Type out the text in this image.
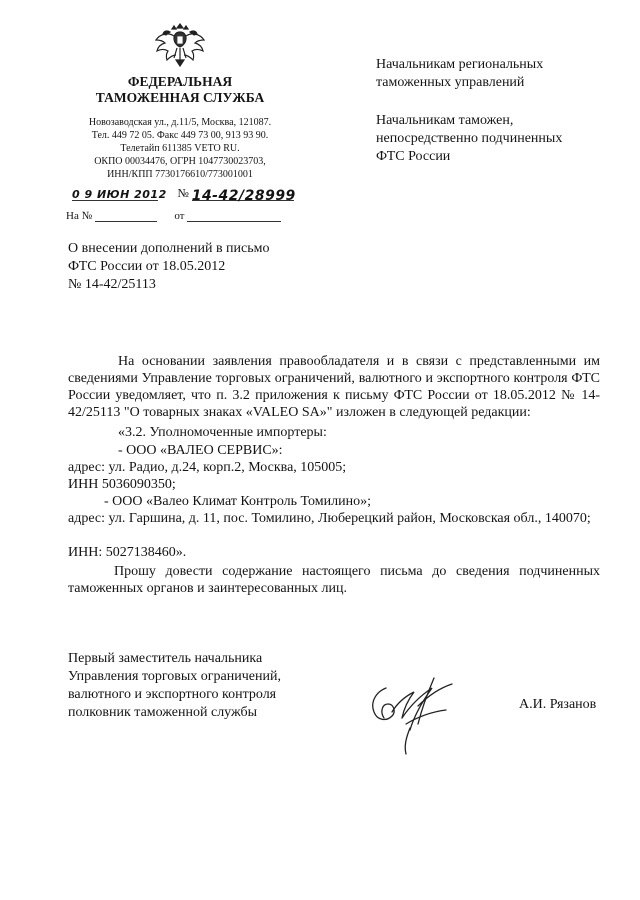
ФЕДЕРАЛЬНАЯ
ТАМОЖЕННАЯ СЛУЖБА
Новозаводская ул., д.11/5, Москва, 121087.
Тел. 449 72 05. Факс 449 73 00, 913 93 90.
Телетайп 611385 VETO RU.
ОКПО 00034476, ОГРН 1047730023703,
ИНН/КПП 7730176610/773001001
0 9 ИЮН 2012 № 14-42/28999
На №	от
Начальникам региональных
таможенных управлений
Начальникам таможен,
непосредственно подчиненных
ФТС России
О внесении дополнений в письмо
ФТС России от 18.05.2012
№ 14-42/25113
На основании заявления правообладателя и в связи с представленными им сведениями Управление торговых ограничений, валютного и экспортного контроля ФТС России уведомляет, что п. 3.2 приложения к письму ФТС России от 18.05.2012 № 14-42/25113 "О товарных знаках «VALEO SA»" изложен в следующей редакции:
«3.2. Уполномоченные импортеры:
- ООО «ВАЛЕО СЕРВИС»:
адрес: ул. Радио, д.24, корп.2, Москва, 105005;
ИНН 5036090350;
- ООО «Валео Климат Контроль Томилино»;
адрес: ул. Гаршина, д. 11, пос. Томилино, Люберецкий район, Московская обл., 140070;
ИНН: 5027138460».
Прошу довести содержание настоящего письма до сведения подчиненных таможенных органов и заинтересованных лиц.
Первый заместитель начальника
Управления торговых ограничений,
валютного и экспортного контроля
полковник таможенной службы
А.И. Рязанов
